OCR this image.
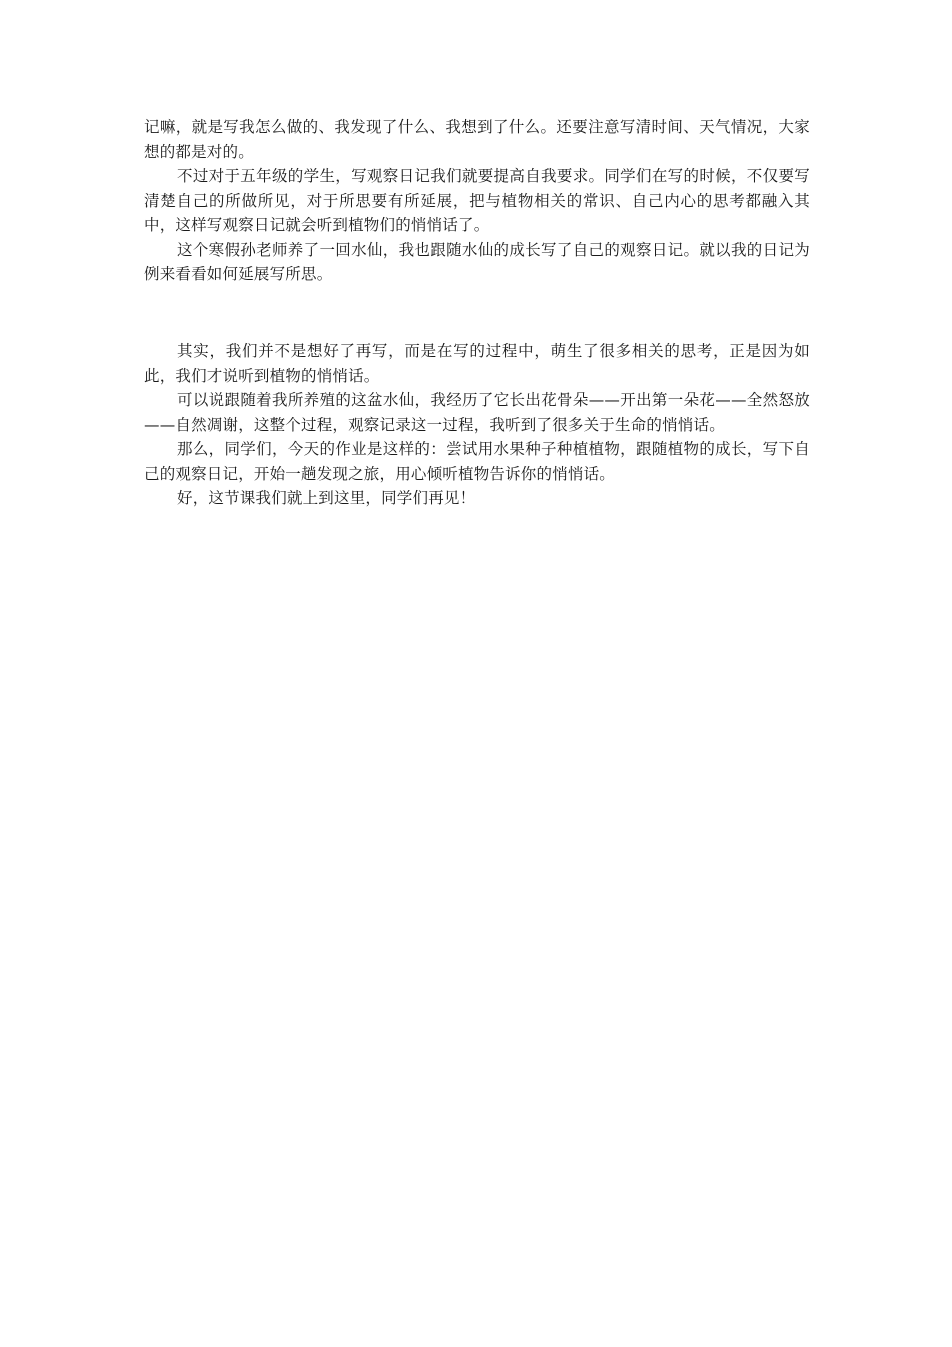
记嘛，就是写我怎么做的、我发现了什么、我想到了什么。还要注意写清时间、天气情况，大家想的都是对的。

不过对于五年级的学生，写观察日记我们就要提高自我要求。同学们在写的时候，不仅要写清楚自己的所做所见，对于所思要有所延展，把与植物相关的常识、自己内心的思考都融入其中，这样写观察日记就会听到植物们的悄悄话了。

这个寒假孙老师养了一回水仙，我也跟随水仙的成长写了自己的观察日记。就以我的日记为例来看看如何延展写所思。

其实，我们并不是想好了再写，而是在写的过程中，萌生了很多相关的思考，正是因为如此，我们才说听到植物的悄悄话。

可以说跟随着我所养殖的这盆水仙，我经历了它长出花骨朵——开出第一朵花——全然怒放——自然凋谢，这整个过程，观察记录这一过程，我听到了很多关于生命的悄悄话。

那么，同学们，今天的作业是这样的：尝试用水果种子种植植物，跟随植物的成长，写下自己的观察日记，开始一趟发现之旅，用心倾听植物告诉你的悄悄话。

好，这节课我们就上到这里，同学们再见！
